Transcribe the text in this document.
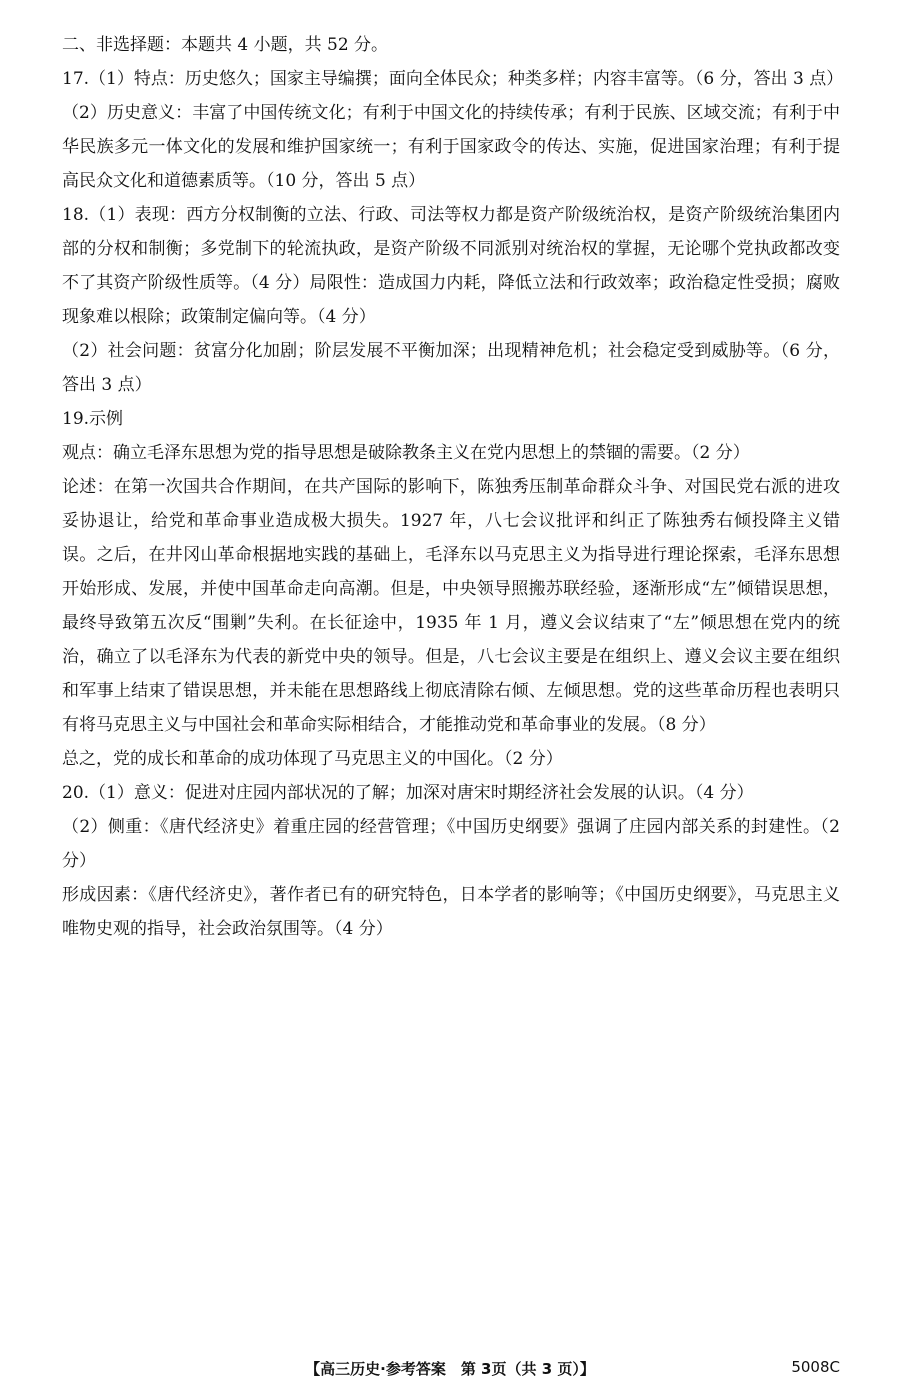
二、非选择题：本题共 4 小题，共 52 分。

17.（1）特点：历史悠久；国家主导编撰；面向全体民众；种类多样；内容丰富等。（6 分，答出 3 点）

（2）历史意义：丰富了中国传统文化；有利于中国文化的持续传承；有利于民族、区域交流；有利于中华民族多元一体文化的发展和维护国家统一；有利于国家政令的传达、实施，促进国家治理；有利于提高民众文化和道德素质等。（10 分，答出 5 点）

18.（1）表现：西方分权制衡的立法、行政、司法等权力都是资产阶级统治权，是资产阶级统治集团内部的分权和制衡；多党制下的轮流执政，是资产阶级不同派别对统治权的掌握，无论哪个党执政都改变不了其资产阶级性质等。（4 分）局限性：造成国力内耗，降低立法和行政效率；政治稳定性受损；腐败现象难以根除；政策制定偏向等。（4 分）

（2）社会问题：贫富分化加剧；阶层发展不平衡加深；出现精神危机；社会稳定受到威胁等。（6 分，答出 3 点）

19.示例

观点：确立毛泽东思想为党的指导思想是破除教条主义在党内思想上的禁锢的需要。（2 分）

论述：在第一次国共合作期间，在共产国际的影响下，陈独秀压制革命群众斗争、对国民党右派的进攻妥协退让，给党和革命事业造成极大损失。1927 年，八七会议批评和纠正了陈独秀右倾投降主义错误。之后，在井冈山革命根据地实践的基础上，毛泽东以马克思主义为指导进行理论探索，毛泽东思想开始形成、发展，并使中国革命走向高潮。但是，中央领导照搬苏联经验，逐渐形成“左”倾错误思想，最终导致第五次反“围剿”失利。在长征途中，1935 年 1 月，遵义会议结束了“左”倾思想在党内的统治，确立了以毛泽东为代表的新党中央的领导。但是，八七会议主要是在组织上、遵义会议主要在组织和军事上结束了错误思想，并未能在思想路线上彻底清除右倾、左倾思想。党的这些革命历程也表明只有将马克思主义与中国社会和革命实际相结合，才能推动党和革命事业的发展。（8 分）

总之，党的成长和革命的成功体现了马克思主义的中国化。（2 分）

20.（1）意义：促进对庄园内部状况的了解；加深对唐宋时期经济社会发展的认识。（4 分）

（2）侧重：《唐代经济史》着重庄园的经营管理；《中国历史纲要》强调了庄园内部关系的封建性。（2 分）

形成因素：《唐代经济史》，著作者已有的研究特色，日本学者的影响等；《中国历史纲要》，马克思主义唯物史观的指导，社会政治氛围等。（4 分）

【高三历史·参考答案　第 3页（共 3 页）】	5008C
